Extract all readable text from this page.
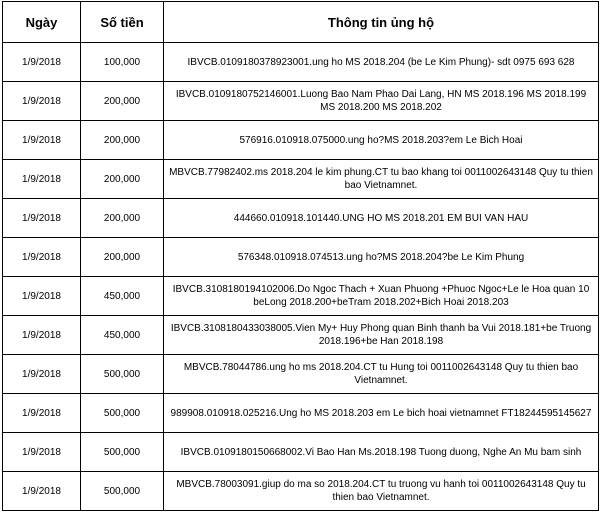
Ngày	Số tiền	Thông tin ủng hộ
1/9/2018	100,000	IBVCB.0109180378923001.ung ho MS 2018.204 (be Le Kim Phung)- sdt 0975 693 628
1/9/2018	200,000	IBVCB.0109180752146001.Luong Bao Nam Phao Dai Lang, HN MS 2018.196 MS 2018.199 MS 2018.200 MS 2018.202
1/9/2018	200,000	576916.010918.075000.ung ho?MS 2018.203?em Le Bich Hoai
1/9/2018	200,000	MBVCB.77982402.ms 2018.204 le kim phung.CT tu bao khang toi 0011002643148 Quy tu thien bao Vietnamnet.
1/9/2018	200,000	444660.010918.101440.UNG HO MS 2018.201 EM BUI VAN HAU
1/9/2018	200,000	576348.010918.074513.ung ho?MS 2018.204?be Le Kim Phung
1/9/2018	450,000	IBVCB.3108180194102006.Do Ngoc Thach + Xuan Phuong +Phuoc Ngoc+Le le Hoa quan 10 beLong 2018.200+beTram 2018.202+Bich Hoai 2018.203
1/9/2018	450,000	IBVCB.3108180433038005.Vien My+ Huy Phong quan Binh thanh ba Vui 2018.181+be Truong 2018.196+be Han 2018.198
1/9/2018	500,000	MBVCB.78044786.ung ho ms 2018.204.CT tu Hung toi 0011002643148 Quy tu thien bao Vietnamnet.
1/9/2018	500,000	989908.010918.025216.Ung ho MS 2018.203 em Le bich hoai vietnamnet FT18244595145627
1/9/2018	500,000	IBVCB.0109180150668002.Vi Bao Han Ms.2018.198 Tuong duong, Nghe An Mu bam sinh
1/9/2018	500,000	MBVCB.78003091.giup do ma so 2018.204.CT tu truong vu hanh toi 0011002643148 Quy tu thien bao Vietnamnet.
